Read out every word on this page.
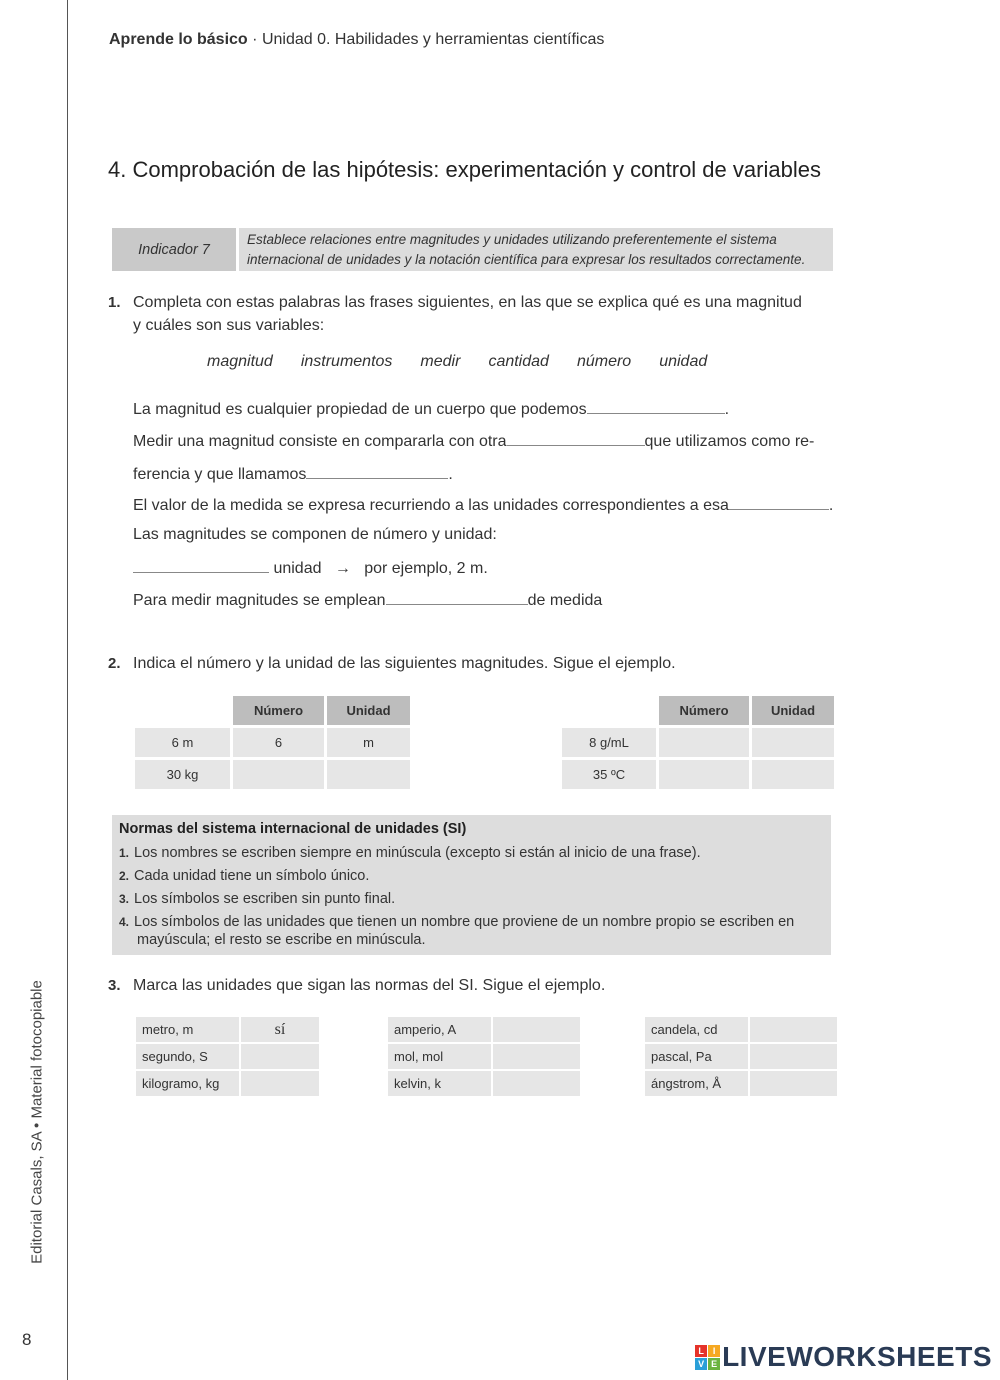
Editorial Casals, SA • Material fotocopiable
8
Aprende lo básico · Unidad 0. Habilidades y herramientas científicas
4. Comprobación de las hipótesis: experimentación y control de variables
Indicador 7
Establece relaciones entre magnitudes y unidades utilizando preferentemente el sistema
internacional de unidades y la notación científica para expresar los resultados correctamente.
1. Completa con estas palabras las frases siguientes, en las que se explica qué es una magnitud
y cuáles son sus variables:
magnitud instrumentos medir cantidad número unidad
La magnitud es cualquier propiedad de un cuerpo que podemos	.
Medir una magnitud consiste en compararla con otra	que utilizamos como re-
ferencia y que llamamos	.
El valor de la medida se expresa recurriendo a las unidades correspondientes a esa	.
Las magnitudes se componen de número y unidad:
unidad → por ejemplo, 2 m.
Para medir magnitudes se emplean	de medida
2. Indica el número y la unidad de las siguientes magnitudes. Sigue el ejemplo.
	Número	Unidad
6 m	6	m
30 kg		
	Número	Unidad
8 g/mL		
35 ºC		
Normas del sistema internacional de unidades (SI)
1. Los nombres se escriben siempre en minúscula (excepto si están al inicio de una frase).
2. Cada unidad tiene un símbolo único.
3. Los símbolos se escriben sin punto final.
4. Los símbolos de las unidades que tienen un nombre que proviene de un nombre propio se escriben en
mayúscula; el resto se escribe en minúscula.
3. Marca las unidades que sigan las normas del SI. Sigue el ejemplo.
metro, m	sí
segundo, S	
kilogramo, kg	
amperio, A	
mol, mol	
kelvin, k	
candela, cd	
pascal, Pa	
ángstrom, Å	
L I
V E LIVEWORKSHEETS
